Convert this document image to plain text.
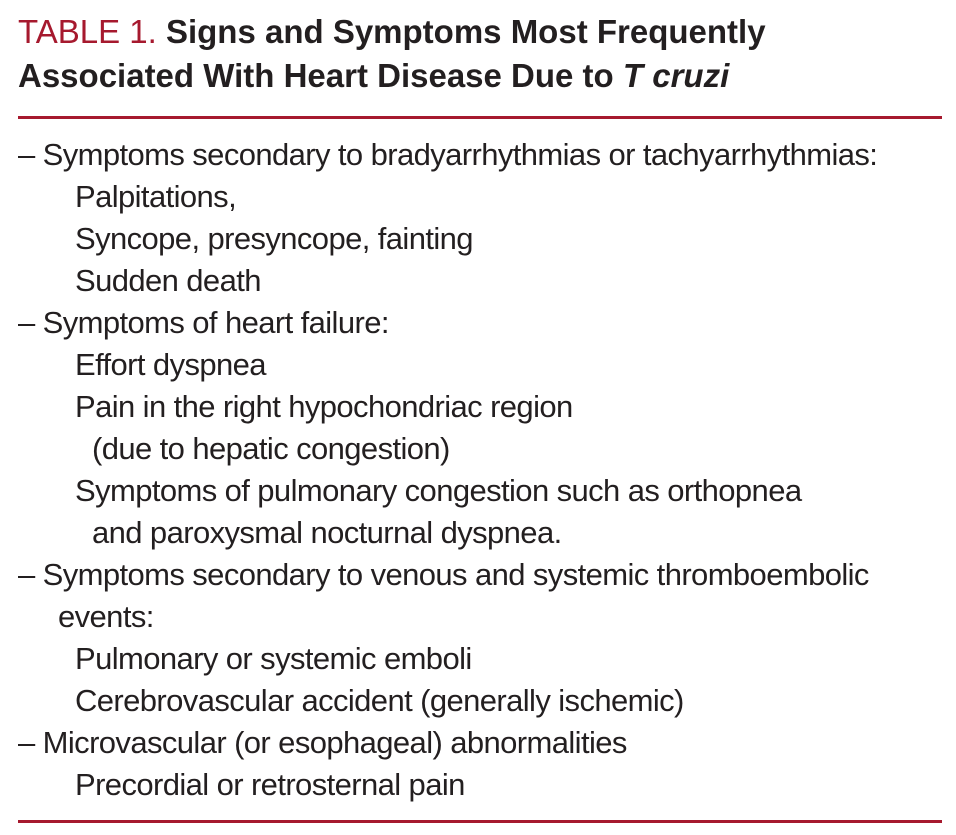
TABLE 1. Signs and Symptoms Most Frequently
Associated With Heart Disease Due to T cruzi
– Symptoms secondary to bradyarrhythmias or tachyarrhythmias:
Palpitations,
Syncope, presyncope, fainting
Sudden death
– Symptoms of heart failure:
Effort dyspnea
Pain in the right hypochondriac region
(due to hepatic congestion)
Symptoms of pulmonary congestion such as orthopnea
and paroxysmal nocturnal dyspnea.
– Symptoms secondary to venous and systemic thromboembolic
events:
Pulmonary or systemic emboli
Cerebrovascular accident (generally ischemic)
– Microvascular (or esophageal) abnormalities
Precordial or retrosternal pain
